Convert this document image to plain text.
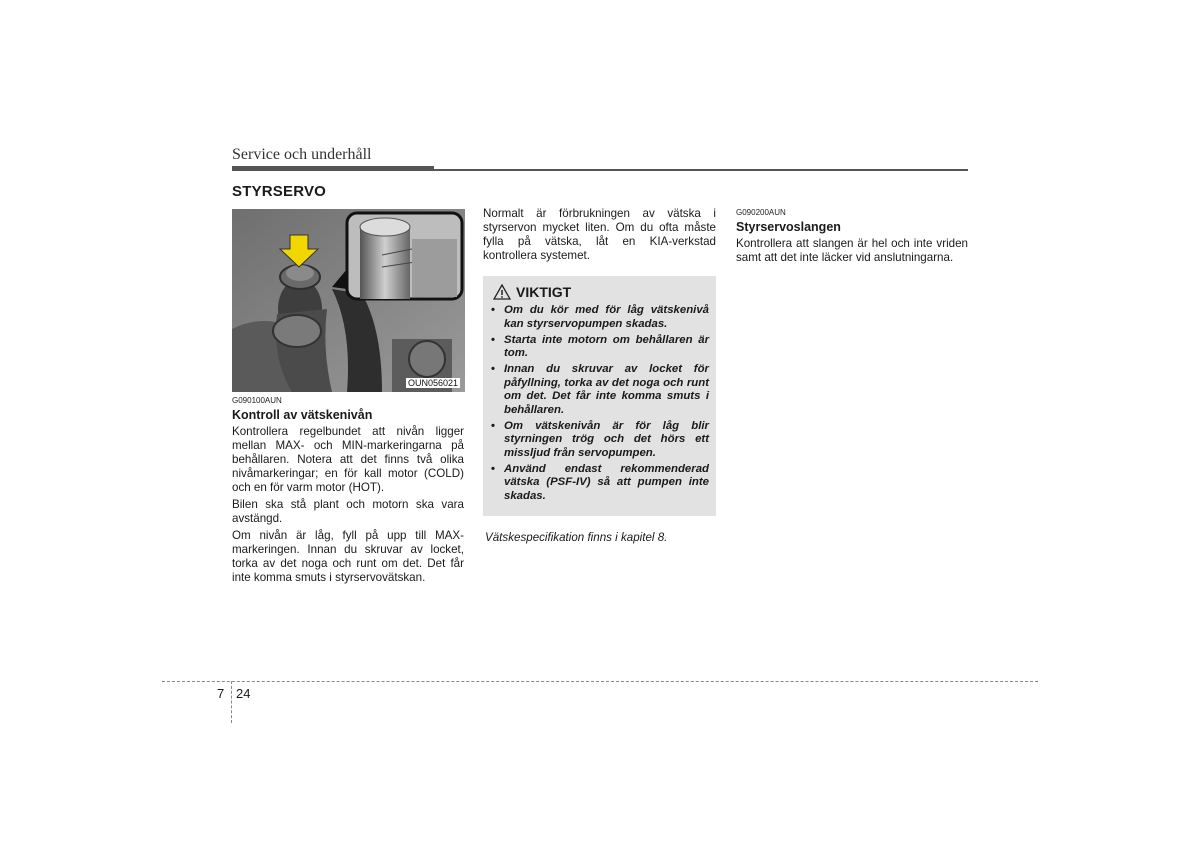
Service och underhåll
STYRSERVO
OUN056021
G090100AUN
Kontroll av vätskenivån

Kontrollera regelbundet att nivån ligger mellan MAX- och MIN-markeringarna på behållaren. Notera att det finns två olika nivåmarkeringar; en för kall motor (COLD) och en för varm motor (HOT).

Bilen ska stå plant och motorn ska vara avstängd.

Om nivån är låg, fyll på upp till MAX-markeringen. Innan du skruvar av locket, torka av det noga och runt om det. Det får inte komma smuts i styrservovätskan.

Normalt är förbrukningen av vätska i styrservon mycket liten. Om du ofta måste fylla på vätska, låt en KIA-verkstad kontrollera systemet.
VIKTIGT
• Om du kör med för låg vätskenivå kan styrservopumpen skadas.
• Starta inte motorn om behållaren är tom.
• Innan du skruvar av locket för påfyllning, torka av det noga och runt om det. Det får inte komma smuts i behållaren.
• Om vätskenivån är för låg blir styrningen trög och det hörs ett missljud från servopumpen.
• Använd endast rekommenderad vätska (PSF-IV) så att pumpen inte skadas.
Vätskespecifikation finns i kapitel 8.
G090200AUN
Styrservoslangen
Kontrollera att slangen är hel och inte vriden samt att det inte läcker vid anslutningarna.
7 24
